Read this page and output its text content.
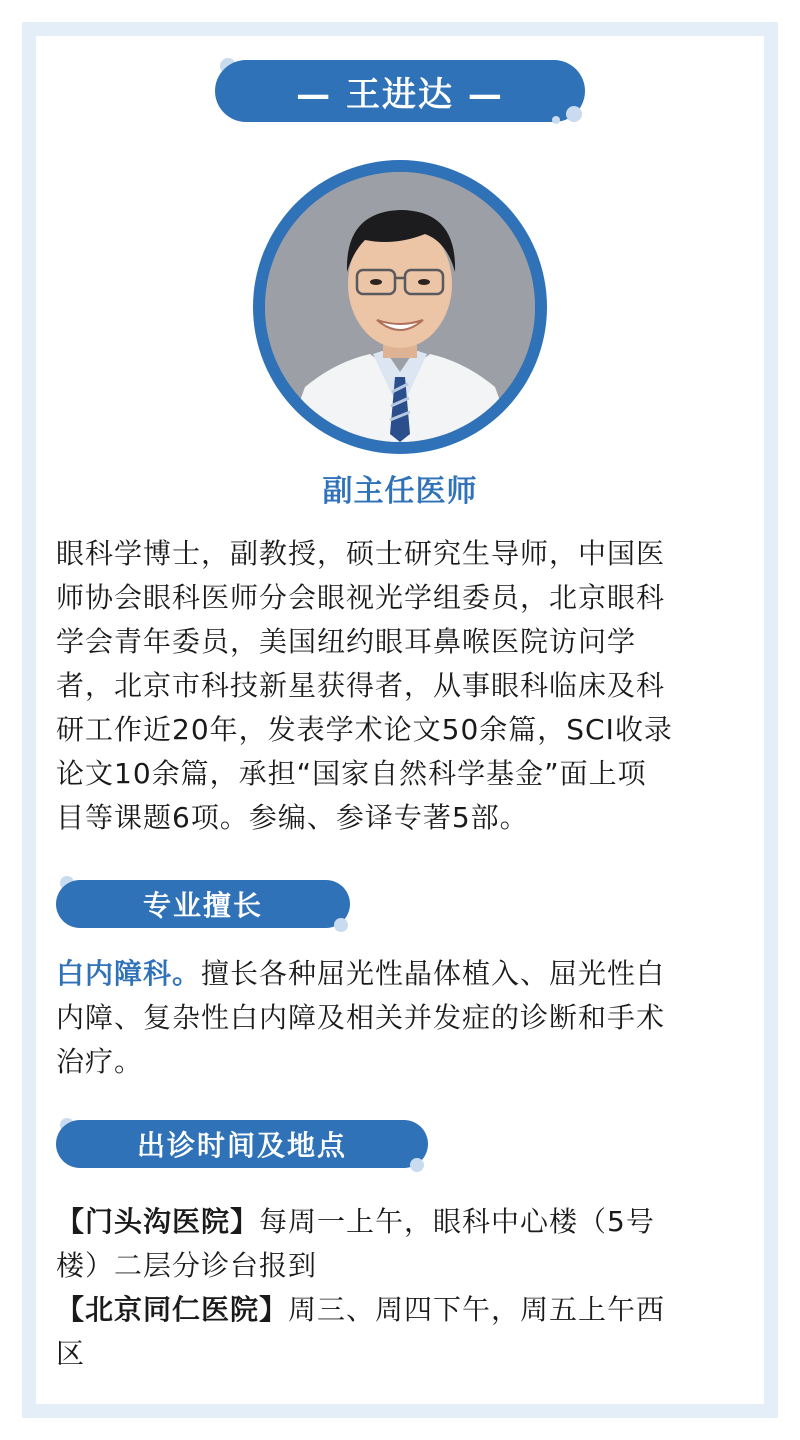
— 王进达 —
副主任医师
眼科学博士，副教授，硕士研究生导师，中国医
师协会眼科医师分会眼视光学组委员，北京眼科
学会青年委员，美国纽约眼耳鼻喉医院访问学
者，北京市科技新星获得者，从事眼科临床及科
研工作近20年，发表学术论文50余篇，SCI收录
论文10余篇，承担“国家自然科学基金”面上项
目等课题6项。参编、参译专著5部。
专业擅长
白内障科。擅长各种屈光性晶体植入、屈光性白
内障、复杂性白内障及相关并发症的诊断和手术
治疗。
出诊时间及地点
【门头沟医院】每周一上午，眼科中心楼（5号
楼）二层分诊台报到
【北京同仁医院】周三、周四下午，周五上午西
区
